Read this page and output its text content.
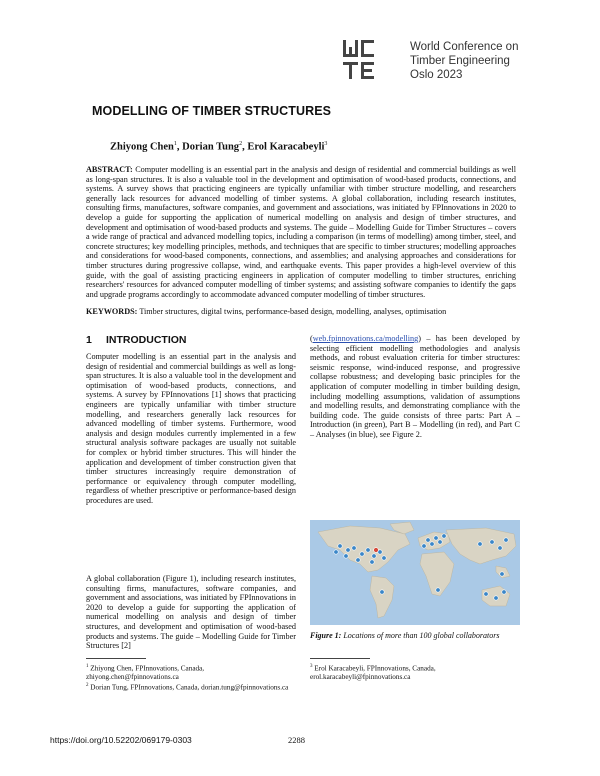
World Conference on
Timber Engineering
Oslo 2023
MODELLING OF TIMBER STRUCTURES
Zhiyong Chen$^1$, Dorian Tung$^2$, Erol Karacabeyli$^3$
ABSTRACT: Computer modelling is an essential part in the analysis and design of residential and commercial buildings as well as long-span structures. It is also a valuable tool in the development and optimisation of wood-based products, connections, and systems. A survey shows that practicing engineers are typically unfamiliar with timber structure modelling, and researchers generally lack resources for advanced modelling of timber systems. A global collaboration, including research institutes, consulting firms, manufactures, software companies, and government and associations, was initiated by FPInnovations in 2020 to develop a guide for supporting the application of numerical modelling on analysis and design of timber structures, and development and optimisation of wood-based products and systems. The guide – Modelling Guide for Timber Structures – covers a wide range of practical and advanced modelling topics, including a comparison (in terms of modelling) among timber, steel, and concrete structures; key modelling principles, methods, and techniques that are specific to timber structures; modelling approaches and considerations for wood-based components, connections, and assemblies; and analysing approaches and considerations for timber structures during progressive collapse, wind, and earthquake events. This paper provides a high-level overview of this guide, with the goal of assisting practicing engineers in application of computer modelling to timber structures, enriching researchers' resources for advanced computer modelling of timber systems; and assisting software companies to identify the gaps and upgrade programs accordingly to accommodate advanced computer modelling of timber structures.
KEYWORDS: Timber structures, digital twins, performance-based design, modelling, analyses, optimisation
1 INTRODUCTION
Computer modelling is an essential part in the analysis and design of residential and commercial buildings as well as long-span structures. It is also a valuable tool in the development and optimisation of wood-based products, connections, and systems. A survey by FPInnovations [1] shows that practicing engineers are typically unfamiliar with timber structure modelling, and researchers generally lack resources for advanced modelling of timber systems. Furthermore, wood analysis and design modules currently implemented in a few structural analysis software packages are usually not suitable for complex or hybrid timber structures. This will hinder the application and development of timber construction given that timber structures increasingly require demonstration of performance or equivalency through computer modelling, regardless of whether prescriptive or performance-based design procedures are used.
A global collaboration (Figure 1), including research institutes, consulting firms, manufactures, software companies, and government and associations, was initiated by FPInnovations in 2020 to develop a guide for supporting the application of numerical modelling on analysis and design of timber structures, and development and optimisation of wood-based products and systems. The guide – Modelling Guide for Timber Structures [2]
(web.fpinnovations.ca/modelling) – has been developed by selecting efficient modelling methodologies and analysis methods, and robust evaluation criteria for timber structures: seismic response, wind-induced response, and progressive collapse robustness; and developing basic principles for the application of computer modelling in timber building design, including modelling assumptions, validation of assumptions and modelling results, and demonstrating compliance with the building code. The guide consists of three parts: Part A – Introduction (in green), Part B – Modelling (in red), and Part C – Analyses (in blue), see Figure 2.
Figure 1: Locations of more than 100 global collaborators
$^1$ Zhiyong Chen, FPInnovations, Canada, zhiyong.chen@fpinnovations.ca
$^2$ Dorian Tung, FPInnovations, Canada, dorian.tung@fpinnovations.ca
$^3$ Erol Karacabeyli, FPInnovations, Canada, erol.karacabeyli@fpinnovations.ca
https://doi.org/10.52202/069179-0303	2288
